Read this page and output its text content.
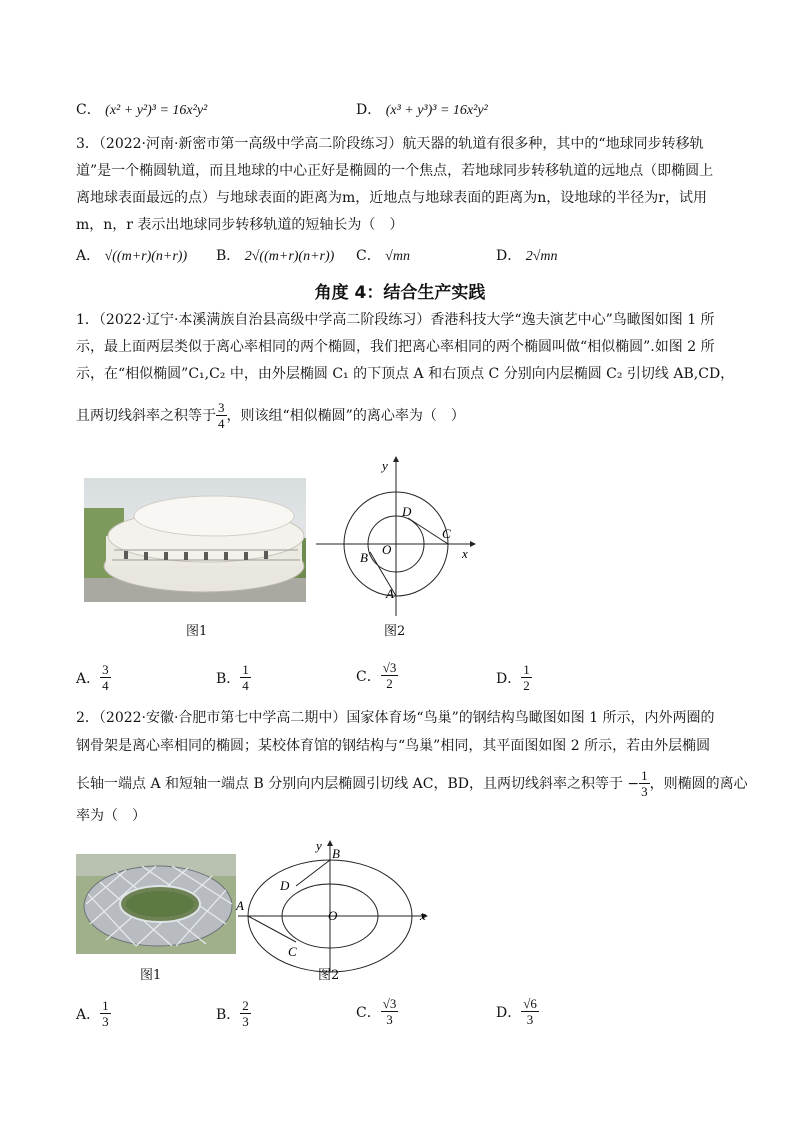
C． (x² + y²)³ = 16x²y²	D． (x³ + y³)³ = 16x²y²
3．（2022·河南·新密市第一高级中学高二阶段练习）航天器的轨道有很多种，其中的“地球同步转移轨
道”是一个椭圆轨道，而且地球的中心正好是椭圆的一个焦点，若地球同步转移轨道的远地点（即椭圆上
离地球表面最远的点）与地球表面的距离为m，近地点与地球表面的距离为n，设地球的半径为r，试用
m，n，r 表示出地球同步转移轨道的短轴长为（　）
A． √((m+r)(n+r)) B． 2√((m+r)(n+r)) C． √mn	D． 2√mn
角度 4：结合生产实践
1．（2022·辽宁·本溪满族自治县高级中学高二阶段练习）香港科技大学“逸夫演艺中心”鸟瞰图如图 1 所
示，最上面两层类似于离心率相同的两个椭圆，我们把离心率相同的两个椭圆叫做“相似椭圆”.如图 2 所
示，在“相似椭圆”C₁,C₂ 中，由外层椭圆 C₁ 的下顶点 A 和右顶点 C 分别向内层椭圆 C₂ 引切线 AB,CD，
且两切线斜率之积等于 $\frac{3}{4}$ ，则该组“相似椭圆”的离心率为（　）
图1
x
y
O
A
B
C
D
图2
A． $\frac{3}{4}$	B． $\frac{1}{4}$	C． $\frac{√3}{2}$	D． $\frac{1}{2}$
2．（2022·安徽·合肥市第七中学高二期中）国家体育场“鸟巢”的钢结构鸟瞰图如图 1 所示，内外两圈的
钢骨架是离心率相同的椭圆；某校体育馆的钢结构与“鸟巢”相同，其平面图如图 2 所示，若由外层椭圆
长轴一端点 A 和短轴一端点 B 分别向内层椭圆引切线 AC，BD，且两切线斜率之积等于 − $\frac{1}{3}$ ，则椭圆的离心
率为（　）
图1
x
y
O
A
B
C
D
图2
A． $\frac{1}{3}$	B． $\frac{2}{3}$	C． $\frac{√3}{3}$	D． $\frac{√6}{3}$
